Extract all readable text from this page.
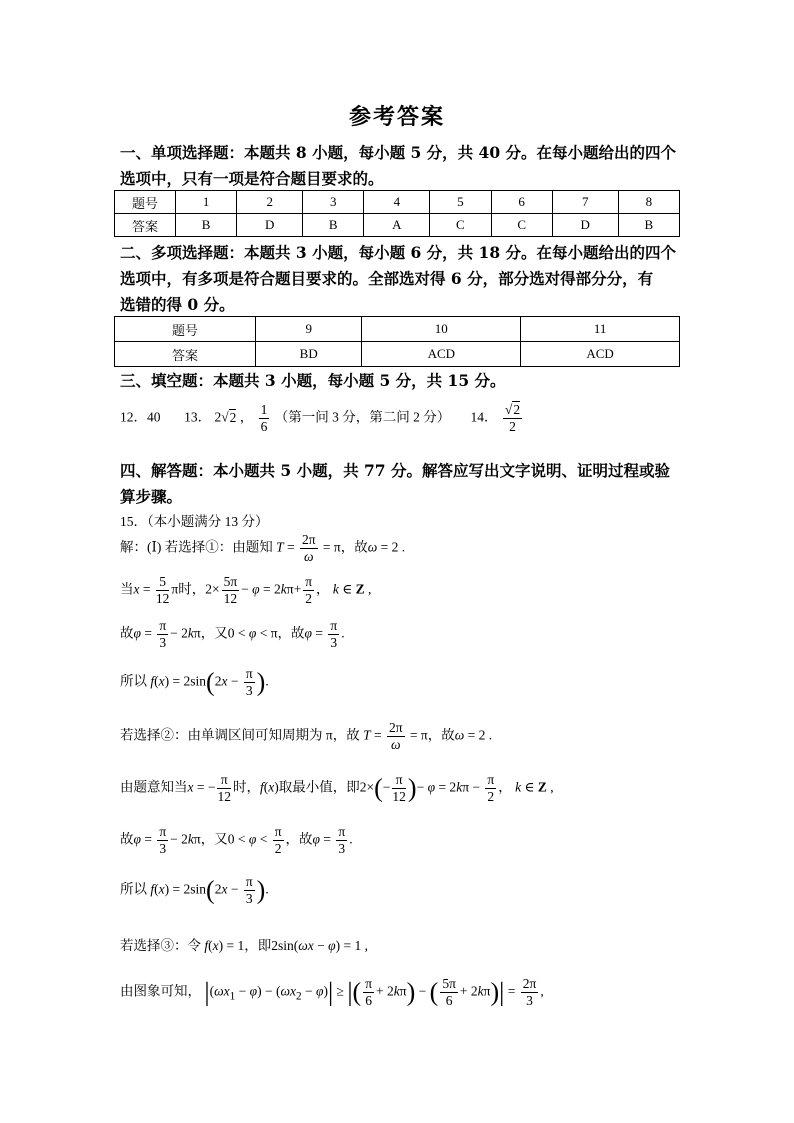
参考答案
一、单项选择题：本题共 8 小题，每小题 5 分，共 40 分。在每小题给出的四个
选项中，只有一项是符合题目要求的。
题号	1	2	3	4	5	6	7	8
答案	B	D	B	A	C	C	D	B
二、多项选择题：本题共 3 小题，每小题 6 分，共 18 分。在每小题给出的四个
选项中，有多项是符合题目要求的。全部选对得 6 分，部分选对得部分分，有
选错的得 0 分。
题号	9	10	11
答案	BD	ACD	ACD
三、填空题：本题共 3 小题，每小题 5 分，共 15 分。
12．40 13． 2√2 ， $\frac{1}{6}$ （第一问 3 分，第二问 2 分） 14． $\frac{√2}{2}$
四、解答题：本小题共 5 小题，共 77 分。解答应写出文字说明、证明过程或验
算步骤。
15．（本小题满分 13 分）
解：(Ⅰ) 若选择①：由题知 $T = \frac{2\pi}{\omega} = \pi$，故ω = 2 .
当$x = \frac{5}{12}$ π时，$2\times \frac{5\pi}{12} - \varphi = 2k\pi+ \frac{\pi}{2}$ ， k ∈ Z ,
故$\varphi = \frac{\pi}{3} - 2k\pi$，又0 < φ < π，故$\varphi = \frac{\pi}{3}$ .
所以 $f(x) = 2\sin(2x - \frac{\pi}{3}$ ).
若选择②：由单调区间可知周期为 π，故 $T = \frac{2\pi}{\omega} = \pi$，故ω = 2 .
由题意知当x = − $\frac{\pi}{12}$ 时，f(x)取最小值，即$2\times(- \frac{\pi}{12}$ )− $\varphi = 2k\pi - \frac{\pi}{2}$ ， k ∈ Z ,
故$\varphi = \frac{\pi}{3} - 2k\pi$，又$0 < \varphi < \frac{\pi}{2}$ ，故$\varphi = \frac{\pi}{3}$ .
所以 $f(x) = 2\sin(2x - \frac{\pi}{3}$ ).
若选择③：令 f(x) = 1，即2sin(ωx − φ) = 1 ,
由图象可知， $|(\omega x_1 - \varphi) - (\omega x_2 - \varphi)|$ ≥ |( $\frac{\pi}{6} + 2k\pi$) − ( $\frac{5\pi}{6} + 2k\pi)| = \frac{2\pi}{3}$ ,
